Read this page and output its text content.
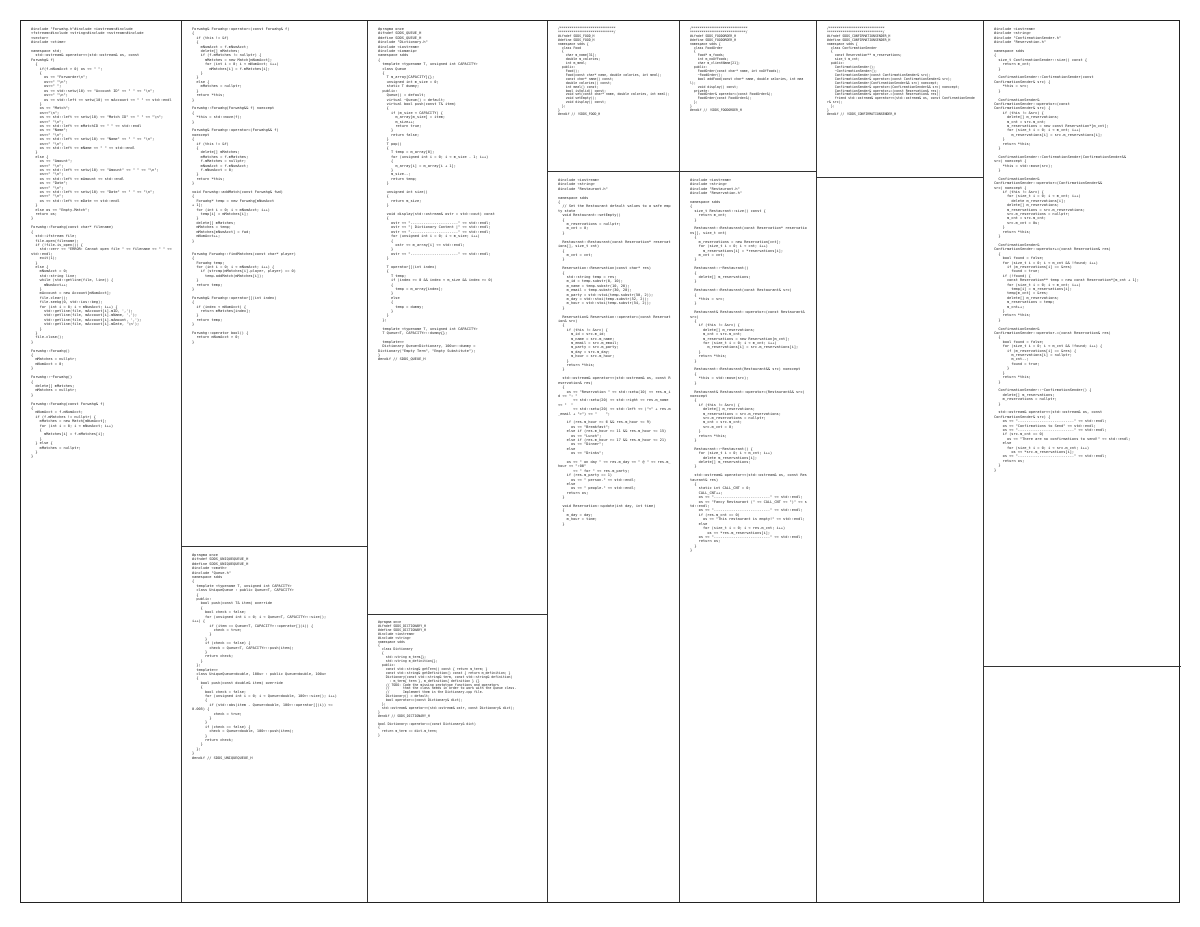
#include "Forwahg.h"#include <iostream>#include
<fstream>#include <string>#include <sstream>#include
<vector>
#include <ctime>

namespace std;
std::ostream& operator<<(std::ostream& os, const
Forwahg& f)
{
if(f.mNumAcct > 0) os << " ";
{
os << "Forwarder\n";
os<<" "\n";
os<<" ";
os << std::setw(10) << "Account ID" << " " << "\n";
os<<" "\n";
os << std::left << setw(10) << mAccount << " " << std::endl
}
os << "Match";
os<<"\n";
os << std::left << setw(10) << "Match ID" << " " << "\n";
os<<" "\n";
os << std::left << mMatchID << " " << std::endl
os << "Name";
os<<" "\n";
os << std::left << setw(10) << "Name" << " " << "\n";
os<<" "\n";
os << std::left << mName << " " << std::endl
}
else {
os << "Amount";
os<<" "\n";
os << std::left << setw(10) << "Amount" << " " << "\n";
os<<" "\n";
os << std::left << mAmount << std::endl
os << "Date";
os<<" "\n";
os << std::left << setw(10) << "Date" << " " << "\n";
os<<" "\n";
os << std::left << mDate << std::endl
}
else os << "Empty-Match";
return os;
}

Forwahg::Forwahg(const char* filename)
{
std::ifstream file;
file.open(filename);
if (!file.is_open()) {
std::cerr << "ERROR: Cannot open file " << filename << " " << std::endl;
exit(1);
}
else {
mNumAcct = 0;
std::string line;
while (std::getline(file, line)) {
mNumAcct++;
}
mAccount = new Account[mNumAcct];
file.clear();
file.seekg(0, std::ios::beg);
for (int i = 0; i < mNumAcct; i++) {
std::getline(file, mAccount[i].mID, ',');
std::getline(file, mAccount[i].mName, ',');
std::getline(file, mAccount[i].mAmount, ',');
std::getline(file, mAccount[i].mDate, '\n');
}
}
file.close();
}

Forwahg::Forwahg()
{
mMatches = nullptr;
mNumAcct = 0;
}

Forwahg::~Forwahg()
{
delete[] mMatches;
mMatches = nullptr;
}

Forwahg::Forwahg(const Forwahg& f)
{
mNumAcct = f.mNumAcct;
if (f.mMatches != nullptr) {
mMatches = new Match[mNumAcct];
for (int i = 0; i < mNumAcct; i++)
{
mMatches[i] = f.mMatches[i];
}
} else {
mMatches = nullptr;
}
}
Forwahg& Forwahg::operator=(const Forwahg& f)
{
if (this != &f)
{
mNumAcct = f.mNumAcct;
delete[] mMatches;
if (f.mMatches != nullptr) {
mMatches = new Match[mNumAcct];
for (int i = 0; i < mNumAcct; i++)
mMatches[i] = f.mMatches[i];
}
}
else {
mMatches = nullptr;
}
return *this;
}

Forwahg::Forwahg(Forwahg&& f) noexcept
{
*this = std::move(f);
}

Forwahg& Forwahg::operator=(Forwahg&& f)
noexcept
{
if (this != &f)
{
delete[] mMatches;
mMatches = f.mMatches;
f.mMatches = nullptr;
mNumAcct = f.mNumAcct;
f.mNumAcct = 0;
}
return *this;
}

void Forwahg::addMatch(const Forwahg& fwd)
{
Forwahg* temp = new Forwahg[mNumAcct
+ 1];
for (int i = 0; i < mNumAcct; i++)
temp[i] = mMatches[i];
}
delete[] mMatches;
mMatches = temp;
mMatches[mNumAcct] = fwd;
mNumAcct++;
}

Forwahg Forwahg::findMatches(const char* player)
{
Forwahg temp;
for (int i = 0; i < mNumAcct; i++) {
if (strcmp(mMatches[i].player, player) == 0)
temp.addMatch(mMatches[i]);
}
return temp;
}

Forwahg& Forwahg::operator[](int index)
{
if (index < mNumAcct) {
return mMatches[index];
}
return temp;
}

Forwahg::operator bool() {
return mNumAcct > 0;
}
#pragma once
#ifndef SDDS_UNIQUEQUEUE_H
#define SDDS_UNIQUEQUEUE_H
#include <cmath>
#include "Queue.h"
namespace sdds
{
template <typename T, unsigned int CAPACITY>
class UniqueQueue : public Queue<T, CAPACITY>
{
public:
bool push(const T& item) override
{
bool check = false;
for (unsigned int i = 0; i < Queue<T, CAPACITY>::size();
i++) {
if (item == Queue<T, CAPACITY>::operator[](i)) {
check = true;
}
}
if (check == false) {
check = Queue<T, CAPACITY>::push(item);
}
return check;
}
};
template<>
class UniqueQueue<double, 100u> : public Queue<double, 100u>
{
bool push(const double& item) override
{
bool check = false;
for (unsigned int i = 0; i < Queue<double, 100>::size(); i++)
{
if (std::abs(item - Queue<double, 100>::operator[](i)) <=
0.005) {
check = true;
}
}
if (check == false) {
check = Queue<double, 100>::push(item);
}
return check;
}
};
}
#endif // SDDS_UNIQUEQUEUE_H
#pragma once
#ifndef SDDS_QUEUE_H
#define SDDS_QUEUE_H
#include "Dictionary.h"
#include <iostream>
#include <iomanip>
namespace sdds
{
template <typename T, unsigned int CAPACITY>
class Queue
{
T m_array[CAPACITY]{};
unsigned int m_size = 0;
static T dummy;
public:
Queue() = default;
virtual ~Queue() = default;
virtual bool push(const T& item)
{
if (m_size < CAPACITY) {
m_array[m_size] = item;
m_size++;
return true;
}
return false;
}
T pop()
{
T temp = m_array[0];
for (unsigned int i = 0; i < m_size - 1; i++)
{
m_array[i] = m_array[i + 1];
}
m_size--;
return temp;
}

unsigned int size()
{
return m_size;
}

void display(std::ostream& ostr = std::cout) const
{
ostr << "----------------------" << std::endl;
ostr << "| Dictionary Content |" << std::endl;
ostr << "----------------------" << std::endl;
for (unsigned int i = 0; i < m_size; i++)
{
ostr << m_array[i] << std::endl;
}
ostr << "----------------------" << std::endl;
}

T operator[](int index)
{
T temp;
if (index >= 0 && index < m_size && index >= 0)
{
temp = m_array[index];
}
else
{
temp = dummy;
}
}
};

template <typename T, unsigned int CAPACITY>
T Queue<T, CAPACITY>::dummy{};

template<>
Dictionary Queue<Dictionary, 100u>::dummy =
Dictionary("Empty Term", "Empty Substitute");
}
#endif // SDDS_QUEUE_H
#pragma once
#ifndef SDDS_DICTIONARY_H
#define SDDS_DICTIONARY_H
#include <iostream>
#include <string>
namespace sdds
{
class Dictionary
{
std::string m_term{};
std::string m_definition{};
public:
const std::string& getTerm() const { return m_term; }
const std::string& getDefinition() const { return m_definition; }
Dictionary(const std::string& term, const std::string& definition)
: m_term{ term }, m_definition{ definition } {}
// TODO: Code the missing prototype functions and operators
//       that the class needs in order to work with the Queue class.
//       Implement them in the Dictionary.cpp file.
Dictionary() = default;
bool operator==(const Dictionary& dict);
};
std::ostream& operator<<(std::ostream& ostr, const Dictionary& dict);
}
#endif // SDDS_DICTIONARY_H

bool Dictionary::operator==(const Dictionary& dict)
{
return m_term == dict.m_term;
}
/*****************************
*****************************/
#ifndef SDDS_FOOD_H
#define SDDS_FOOD_H
namespace sdds {
class Food
{
char m_name[31];
double m_calories;
int m_meal;
public:
Food();
Food(const char* name, double calories, int meal);
const char* name() const;
double calories() const;
int meal() const;
bool isValid() const;
void set(const char* name, double calories, int meal);
void setEmpty();
void display() const;
};
}
#endif // !SDDS_FOOD_H
#include <iostream>
#include <string>
#include "Restaurant.h"

namespace sdds
{
// Set the Restaurant default values to a safe empty state
void Restaurant::setEmpty()
{
m_reservations = nullptr;
m_cnt = 0;
}

Restaurant::Restaurant(const Reservation* reservations[], size_t cnt)
{
m_cnt = cnt;
}

Reservation::Reservation(const char* res)
{
std::string temp = res;
m_id = temp.substr(0, 10);
m_name = temp.substr(10, 20);
m_email = temp.substr(30, 20);
m_party = std::stoi(temp.substr(50, 2));
m_day = std::stoi(temp.substr(52, 2));
m_hour = std::stoi(temp.substr(54, 2));
}

Reservation& Reservation::operator=(const Reservation& src)
{
if (this != &src) {
m_id = src.m_id;
m_name = src.m_name;
m_email = src.m_email;
m_party = src.m_party;
m_day = src.m_day;
m_hour = src.m_hour;
}
return *this;
}

std::ostream& operator<<(std::ostream& os, const Reservation& res)
{
os << "Reservation " << std::setw(10) << res.m_id << ": "
<< std::setw(20) << std::right << res.m_name << "  "
<< std::setw(20) << std::left << ("<" + res.m_email + ">") << "    ";

if (res.m_hour >= 6 && res.m_hour <= 9)
os << "Breakfast";
else if (res.m_hour >= 11 && res.m_hour <= 15)
os << "Lunch";
else if (res.m_hour >= 17 && res.m_hour <= 21)
os << "Dinner";
else
os << "Drinks";

os << " on day " << res.m_day << " @ " << res.m_hour << ":00"
<< " for " << res.m_party;
if (res.m_party == 1)
os << " person." << std::endl;
else
os << " people." << std::endl;
return os;
}

void Reservation::update(int day, int time)
{
m_day = day;
m_hour = time;
}
/*****************************
*****************************/
#ifndef SDDS_FOODORDER_H
#define SDDS_FOODORDER_H
namespace sdds {
class FoodOrder
{
Food* m_foods;
int m_noOfFoods;
char m_clientName[21];
public:
FoodOrder(const char* name, int noOfFoods);
~FoodOrder();
bool addFood(const char* name, double calories, int meal);
void display() const;
private:
FoodOrder& operator=(const FoodOrder&);
FoodOrder(const FoodOrder&);
};
}
#endif // !SDDS_FOODORDER_H
#include <iostream>
#include <string>
#include "Restaurant.h"
#include "Reservation.h"

namespace sdds
{
size_t Restaurant::size() const {
return m_cnt;
}

Restaurant::Restaurant(const Reservation* reservations[], size_t cnt)
{
m_reservations = new Reservation[cnt];
for (size_t i = 0; i < cnt; i++)
m_reservations[i] = *reservations[i];
m_cnt = cnt;
}

Restaurant::~Restaurant()
{
delete[] m_reservations;
}

Restaurant::Restaurant(const Restaurant& src)
{
*this = src;
}

Restaurant& Restaurant::operator=(const Restaurant& src)
{
if (this != &src) {
delete[] m_reservations;
m_cnt = src.m_cnt;
m_reservations = new Reservation[m_cnt];
for (size_t i = 0; i < m_cnt; i++)
m_reservations[i] = src.m_reservations[i];
}
return *this;
}

Restaurant::Restaurant(Restaurant&& src) noexcept
{
*this = std::move(src);
}

Restaurant& Restaurant::operator=(Restaurant&& src) noexcept
{
if (this != &src) {
delete[] m_reservations;
m_reservations = src.m_reservations;
src.m_reservations = nullptr;
m_cnt = src.m_cnt;
src.m_cnt = 0;
}
return *this;
}

Restaurant::~Restaurant() {
for (size_t i = 0; i < m_cnt; i++)
delete m_reservations[i];
delete[] m_reservations;
}

std::ostream& operator<<(std::ostream& os, const Restaurant& res)
{
static int CALL_CNT = 0;
CALL_CNT++;
os << "--------------------------" << std::endl;
os << "Fancy Restaurant (" << CALL_CNT << ")" << std::endl;
os << "--------------------------" << std::endl;
if (res.m_cnt == 0)
os << "This restaurant is empty!" << std::endl;
else
for (size_t i = 0; i < res.m_cnt; i++)
os << *res.m_reservations[i];
os << "--------------------------" << std::endl;
return os;
}
}
/*****************************
*****************************/
#ifndef SDDS_CONFIRMATIONSENDER_H
#define SDDS_CONFIRMATIONSENDER_H
namespace sdds {
class ConfirmationSender
{
const Reservation** m_reservations;
size_t m_cnt;
public:
ConfirmationSender();
~ConfirmationSender();
ConfirmationSender(const ConfirmationSender& src);
ConfirmationSender& operator=(const ConfirmationSender& src);
ConfirmationSender(ConfirmationSender&& src) noexcept;
ConfirmationSender& operator=(ConfirmationSender&& src) noexcept;
ConfirmationSender& operator+=(const Reservation& res);
ConfirmationSender& operator-=(const Reservation& res);
friend std::ostream& operator<<(std::ostream& os, const ConfirmationSender& src);
};
}
#endif // !SDDS_CONFIRMATIONSENDER_H
#include <iostream>
#include <string>
#include "ConfirmationSender.h"
#include "Reservation.h"

namespace sdds
{
size_t ConfirmationSender::size() const {
return m_cnt;
}

ConfirmationSender::ConfirmationSender(const
ConfirmationSender& src) {
*this = src;
}

ConfirmationSender&
ConfirmationSender::operator=(const
ConfirmationSender& src) {
if (this != &src) {
delete[] m_reservations;
m_cnt = src.m_cnt;
m_reservations = new const Reservation*[m_cnt];
for (size_t i = 0; i < m_cnt; i++)
m_reservations[i] = src.m_reservations[i];
}
return *this;
}

ConfirmationSender::ConfirmationSender(ConfirmationSender&&
src) noexcept {
*this = std::move(src);
}

ConfirmationSender&
ConfirmationSender::operator=(ConfirmationSender&&
src) noexcept {
if (this != &src) {
for (size_t i = 0; i < m_cnt; i++)
delete m_reservations[i];
delete[] m_reservations;
m_reservations = src.m_reservations;
src.m_reservations = nullptr;
m_cnt = src.m_cnt;
src.m_cnt = 0u;
}
return *this;
}

ConfirmationSender&
ConfirmationSender::operator+=(const Reservation& res)
{
bool found = false;
for (size_t i = 0; i < m_cnt && !found; i++)
if (m_reservations[i] == &res)
found = true;
if (!found) {
const Reservation** temp = new const Reservation*[m_cnt + 1];
for (size_t i = 0; i < m_cnt; i++)
temp[i] = m_reservations[i];
temp[m_cnt] = &res;
delete[] m_reservations;
m_reservations = temp;
m_cnt++;
}
return *this;
}

ConfirmationSender&
ConfirmationSender::operator-=(const Reservation& res)
{
bool found = false;
for (size_t i = 0; i < m_cnt && !found; i++) {
if (m_reservations[i] == &res) {
m_reservations[i] = nullptr;
m_cnt--;
found = true;
}
}
return *this;
}

ConfirmationSender::~ConfirmationSender() {
delete[] m_reservations;
m_reservations = nullptr;
}

std::ostream& operator<<(std::ostream& os, const
ConfirmationSender& src) {
os << "--------------------------" << std::endl;
os << "Confirmations to Send" << std::endl;
os << "--------------------------" << std::endl;
if (src.m_cnt == 0)
os << "There are no confirmations to send!" << std::endl;
else
for (size_t i = 0; i < src.m_cnt; i++)
os << *src.m_reservations[i];
os << "--------------------------" << std::endl;
return os;
}
}
